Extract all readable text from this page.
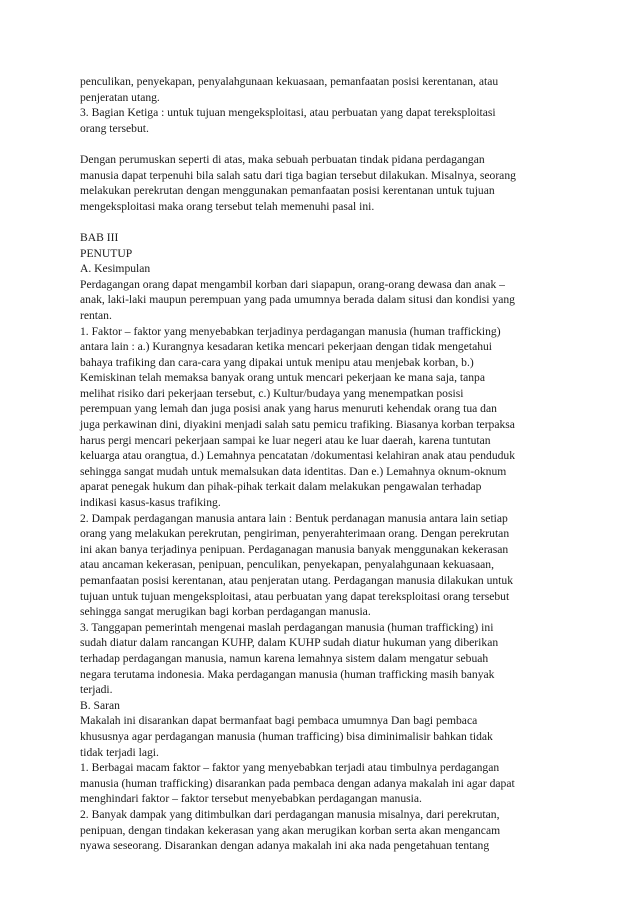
penculikan, penyekapan, penyalahgunaan kekuasaan, pemanfaatan posisi kerentanan, atau
penjeratan utang.
3. Bagian Ketiga : untuk tujuan mengeksploitasi, atau perbuatan yang dapat tereksploitasi
orang tersebut.
Dengan perumuskan seperti di atas, maka sebuah perbuatan tindak pidana perdagangan
manusia dapat terpenuhi bila salah satu dari tiga bagian tersebut dilakukan. Misalnya, seorang
melakukan perekrutan dengan menggunakan pemanfaatan posisi kerentanan untuk tujuan
mengeksploitasi maka orang tersebut telah memenuhi pasal ini.
BAB III
PENUTUP
A. Kesimpulan
Perdagangan orang dapat mengambil korban dari siapapun, orang-orang dewasa dan anak –
anak, laki-laki maupun perempuan yang pada umumnya berada dalam situsi dan kondisi yang
rentan.
1. Faktor – faktor yang menyebabkan terjadinya perdagangan manusia (human trafficking)
antara lain : a.) Kurangnya kesadaran ketika mencari pekerjaan dengan tidak mengetahui
bahaya trafiking dan cara-cara yang dipakai untuk menipu atau menjebak korban, b.)
Kemiskinan telah memaksa banyak orang untuk mencari pekerjaan ke mana saja, tanpa
melihat risiko dari pekerjaan tersebut, c.) Kultur/budaya yang menempatkan posisi
perempuan yang lemah dan juga posisi anak yang harus menuruti kehendak orang tua dan
juga perkawinan dini, diyakini menjadi salah satu pemicu trafiking. Biasanya korban terpaksa
harus pergi mencari pekerjaan sampai ke luar negeri atau ke luar daerah, karena tuntutan
keluarga atau orangtua, d.) Lemahnya pencatatan /dokumentasi kelahiran anak atau penduduk
sehingga sangat mudah untuk memalsukan data identitas. Dan e.) Lemahnya oknum-oknum
aparat penegak hukum dan pihak-pihak terkait dalam melakukan pengawalan terhadap
indikasi kasus-kasus trafiking.
2. Dampak perdagangan manusia antara lain : Bentuk perdanagan manusia antara lain setiap
orang yang melakukan perekrutan, pengiriman, penyerahterimaan orang. Dengan perekrutan
ini akan banya terjadinya penipuan. Perdaganagan manusia banyak menggunakan kekerasan
atau ancaman kekerasan, penipuan, penculikan, penyekapan, penyalahgunaan kekuasaan,
pemanfaatan posisi kerentanan, atau penjeratan utang. Perdagangan manusia dilakukan untuk
tujuan untuk tujuan mengeksploitasi, atau perbuatan yang dapat tereksploitasi orang tersebut
sehingga sangat merugikan bagi korban perdagangan manusia.
3. Tanggapan pemerintah mengenai maslah perdagangan manusia (human trafficking) ini
sudah diatur dalam rancangan KUHP, dalam KUHP sudah diatur hukuman yang diberikan
terhadap perdagangan manusia, namun karena lemahnya sistem dalam mengatur sebuah
negara terutama indonesia. Maka perdagangan manusia (human trafficking masih banyak
terjadi.
B. Saran
Makalah ini disarankan dapat bermanfaat bagi pembaca umumnya Dan bagi pembaca
khususnya agar perdagangan manusia (human trafficing) bisa diminimalisir bahkan tidak
tidak terjadi lagi.
1. Berbagai macam faktor – faktor yang menyebabkan terjadi atau timbulnya perdagangan
manusia (human trafficking) disarankan pada pembaca dengan adanya makalah ini agar dapat
menghindari faktor – faktor tersebut menyebabkan perdagangan manusia.
2. Banyak dampak yang ditimbulkan dari perdagangan manusia misalnya, dari perekrutan,
penipuan, dengan tindakan kekerasan yang akan merugikan korban serta akan mengancam
nyawa seseorang. Disarankan dengan adanya makalah ini aka nada pengetahuan tentang
